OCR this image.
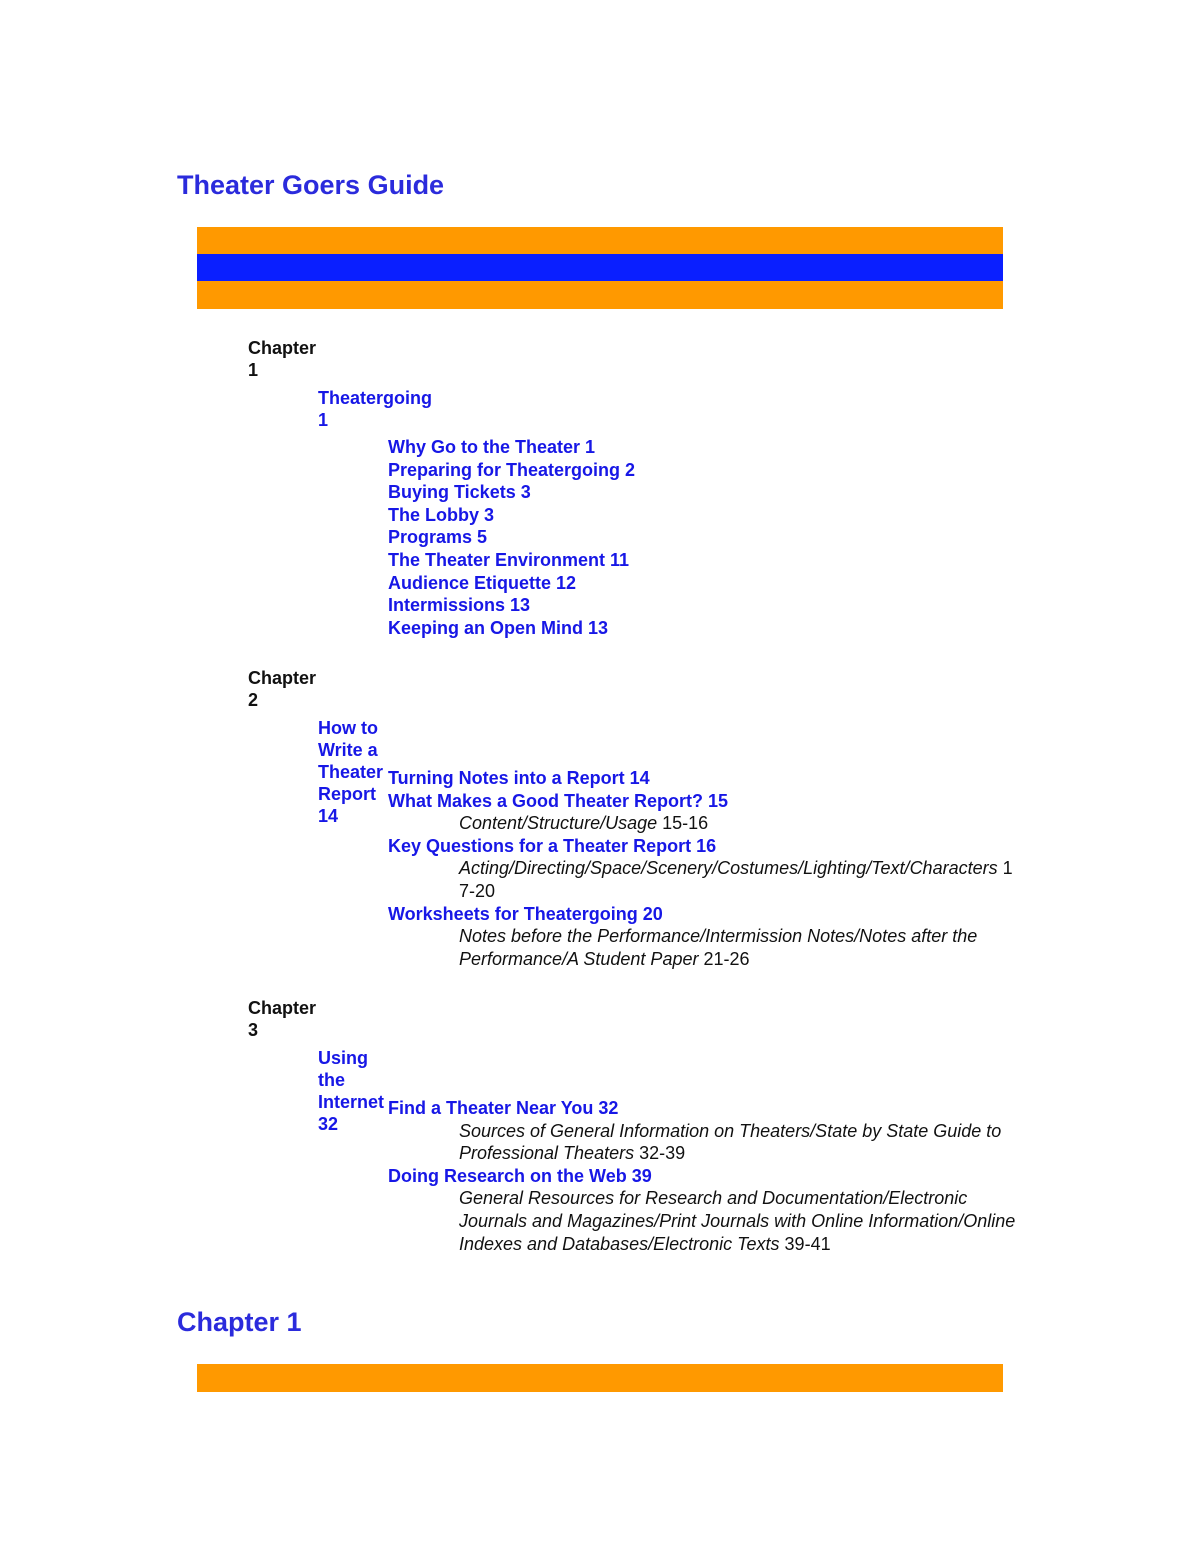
Theater Goers Guide
Chapter 1
Theatergoing 1
Why Go to the Theater 1
Preparing for Theatergoing 2
Buying Tickets 3
The Lobby 3
Programs 5
The Theater Environment 11
Audience Etiquette 12
Intermissions 13
Keeping an Open Mind 13
Chapter 2
How to Write a Theater Report 14
Turning Notes into a Report 14
What Makes a Good Theater Report? 15
Content/Structure/Usage 15-16
Key Questions for a Theater Report 16
Acting/Directing/Space/Scenery/Costumes/Lighting/Text/Characters 17-20
Worksheets for Theatergoing 20
Notes before the Performance/Intermission Notes/Notes after the Performance/A Student Paper 21-26
Chapter 3
Using the Internet 32
Find a Theater Near You 32
Sources of General Information on Theaters/State by State Guide to Professional Theaters 32-39
Doing Research on the Web 39
General Resources for Research and Documentation/Electronic Journals and Magazines/Print Journals with Online Information/Online Indexes and Databases/Electronic Texts 39-41
Chapter 1
